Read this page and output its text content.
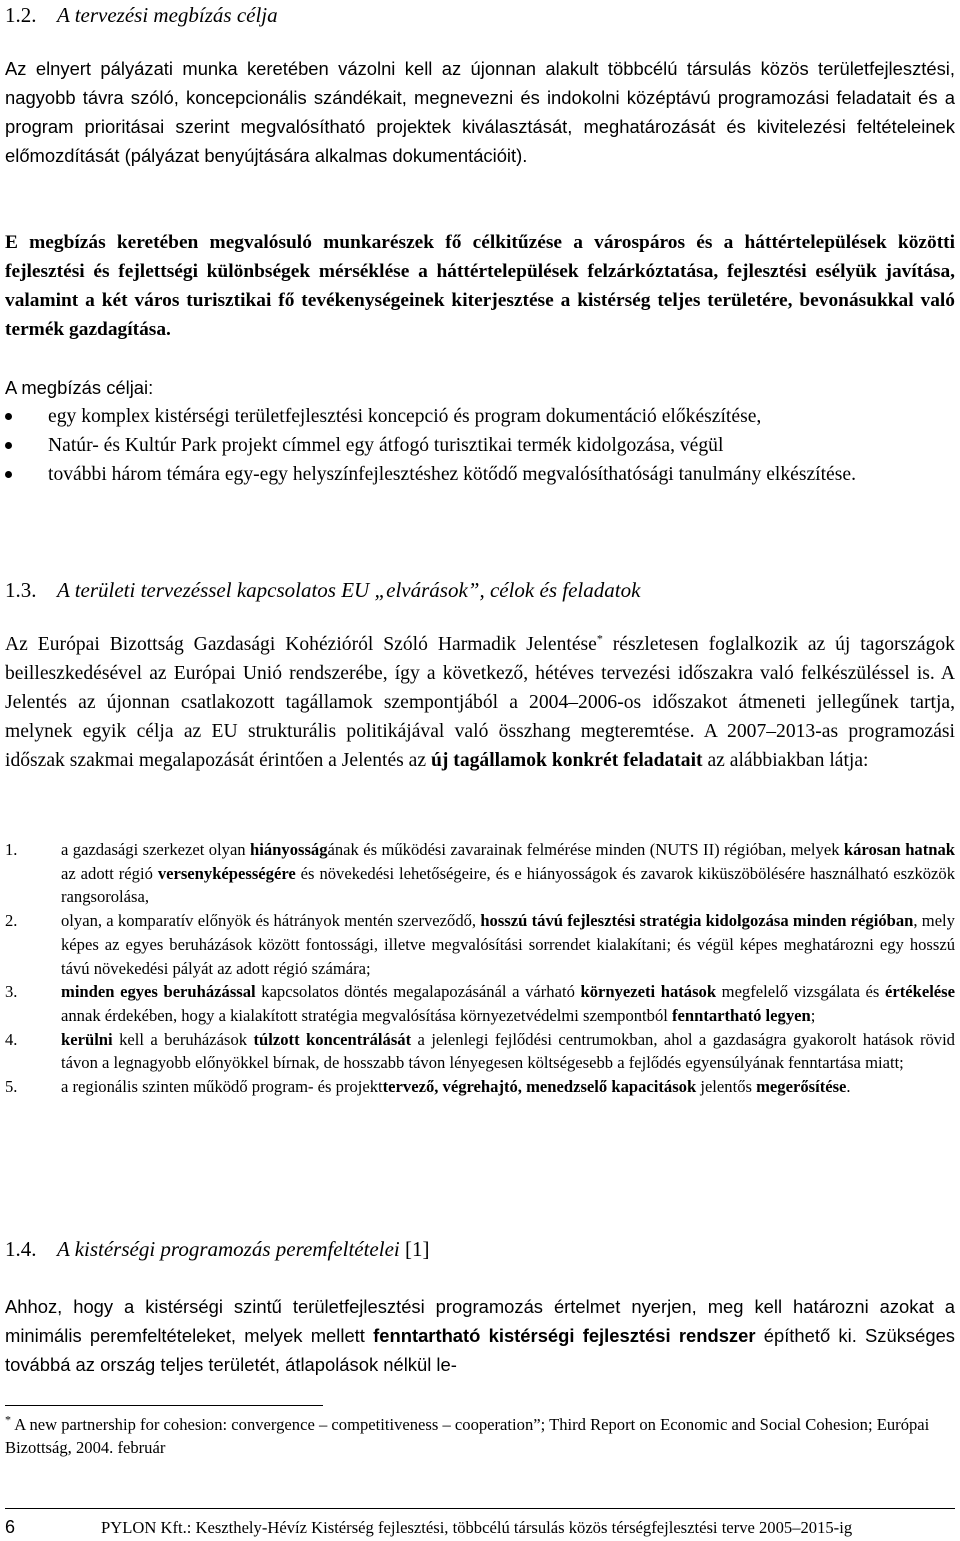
1.2. A tervezési megbízás célja
Az elnyert pályázati munka keretében vázolni kell az újonnan alakult többcélú társulás közös területfejlesztési, nagyobb távra szóló, koncepcionális szándékait, megnevezni és indokolni középtávú programozási feladatait és a program prioritásai szerint megvalósítható projektek kiválasztását, meghatározását és kivitelezési feltételeinek előmozdítását (pályázat benyújtására alkalmas dokumentációit).
E megbízás keretében megvalósuló munkarészek fő célkitűzése a várospáros és a háttértelepülések közötti fejlesztési és fejlettségi különbségek mérséklése a háttértelepülések felzárkóztatása, fejlesztési esélyük javítása, valamint a két város turisztikai fő tevékenységeinek kiterjesztése a kistérség teljes területére, bevonásukkal való termék gazdagítása.
A megbízás céljai:
egy komplex kistérségi területfejlesztési koncepció és program dokumentáció előkészítése,
Natúr- és Kultúr Park projekt címmel egy átfogó turisztikai termék kidolgozása, végül
további három témára egy-egy helyszínfejlesztéshez kötődő megvalósíthatósági tanulmány elkészítése.
1.3. A területi tervezéssel kapcsolatos EU „elvárások”, célok és feladatok
Az Európai Bizottság Gazdasági Kohézióról Szóló Harmadik Jelentése* részletesen foglalkozik az új tagországok beilleszkedésével az Európai Unió rendszerébe, így a következő, hétéves tervezési időszakra való felkészüléssel is. A Jelentés az újonnan csatlakozott tagállamok szempontjából a 2004–2006-os időszakot átmeneti jellegűnek tartja, melynek egyik célja az EU strukturális politikájával való összhang megteremtése. A 2007–2013-as programozási időszak szakmai megalapozását érintően a Jelentés az új tagállamok konkrét feladatait az alábbiakban látja:
1.	a gazdasági szerkezet olyan hiányosságának és működési zavarainak felmérése minden (NUTS II) régióban, melyek károsan hatnak az adott régió versenyképességére és növekedési lehetőségeire, és e hiányosságok és zavarok kiküszöbölésére használható eszközök rangsorolása,
2.	olyan, a komparatív előnyök és hátrányok mentén szerveződő, hosszú távú fejlesztési stratégia kidolgozása minden régióban, mely képes az egyes beruházások között fontossági, illetve megvalósítási sorrendet kialakítani; és végül képes meghatározni egy hosszú távú növekedési pályát az adott régió számára;
3.	minden egyes beruházással kapcsolatos döntés megalapozásánál a várható környezeti hatások megfelelő vizsgálata és értékelése annak érdekében, hogy a kialakított stratégia megvalósítása környezetvédelmi szempontból fenntartható legyen;
4.	kerülni kell a beruházások túlzott koncentrálását a jelenlegi fejlődési centrumokban, ahol a gazdaságra gyakorolt hatások rövid távon a legnagyobb előnyökkel bírnak, de hosszabb távon lényegesen költségesebb a fejlődés egyensúlyának fenntartása miatt;
5.	a regionális szinten működő program- és projekttervező, végrehajtó, menedzselő kapacitások jelentős megerősítése.
1.4. A kistérségi programozás peremfeltételei [1]
Ahhoz, hogy a kistérségi szintű területfejlesztési programozás értelmet nyerjen, meg kell határozni azokat a minimális peremfeltételeket, melyek mellett fenntartható kistérségi fejlesztési rendszer építhető ki. Szükséges továbbá az ország teljes területét, átlapolások nélkül le-
* A new partnership for cohesion: convergence – competitiveness – cooperation”; Third Report on Economic and Social Cohesion; Európai Bizottság, 2004. február
6	PYLON Kft.: Keszthely-Hévíz Kistérség fejlesztési, többcélú társulás közös térségfejlesztési terve 2005–2015-ig
